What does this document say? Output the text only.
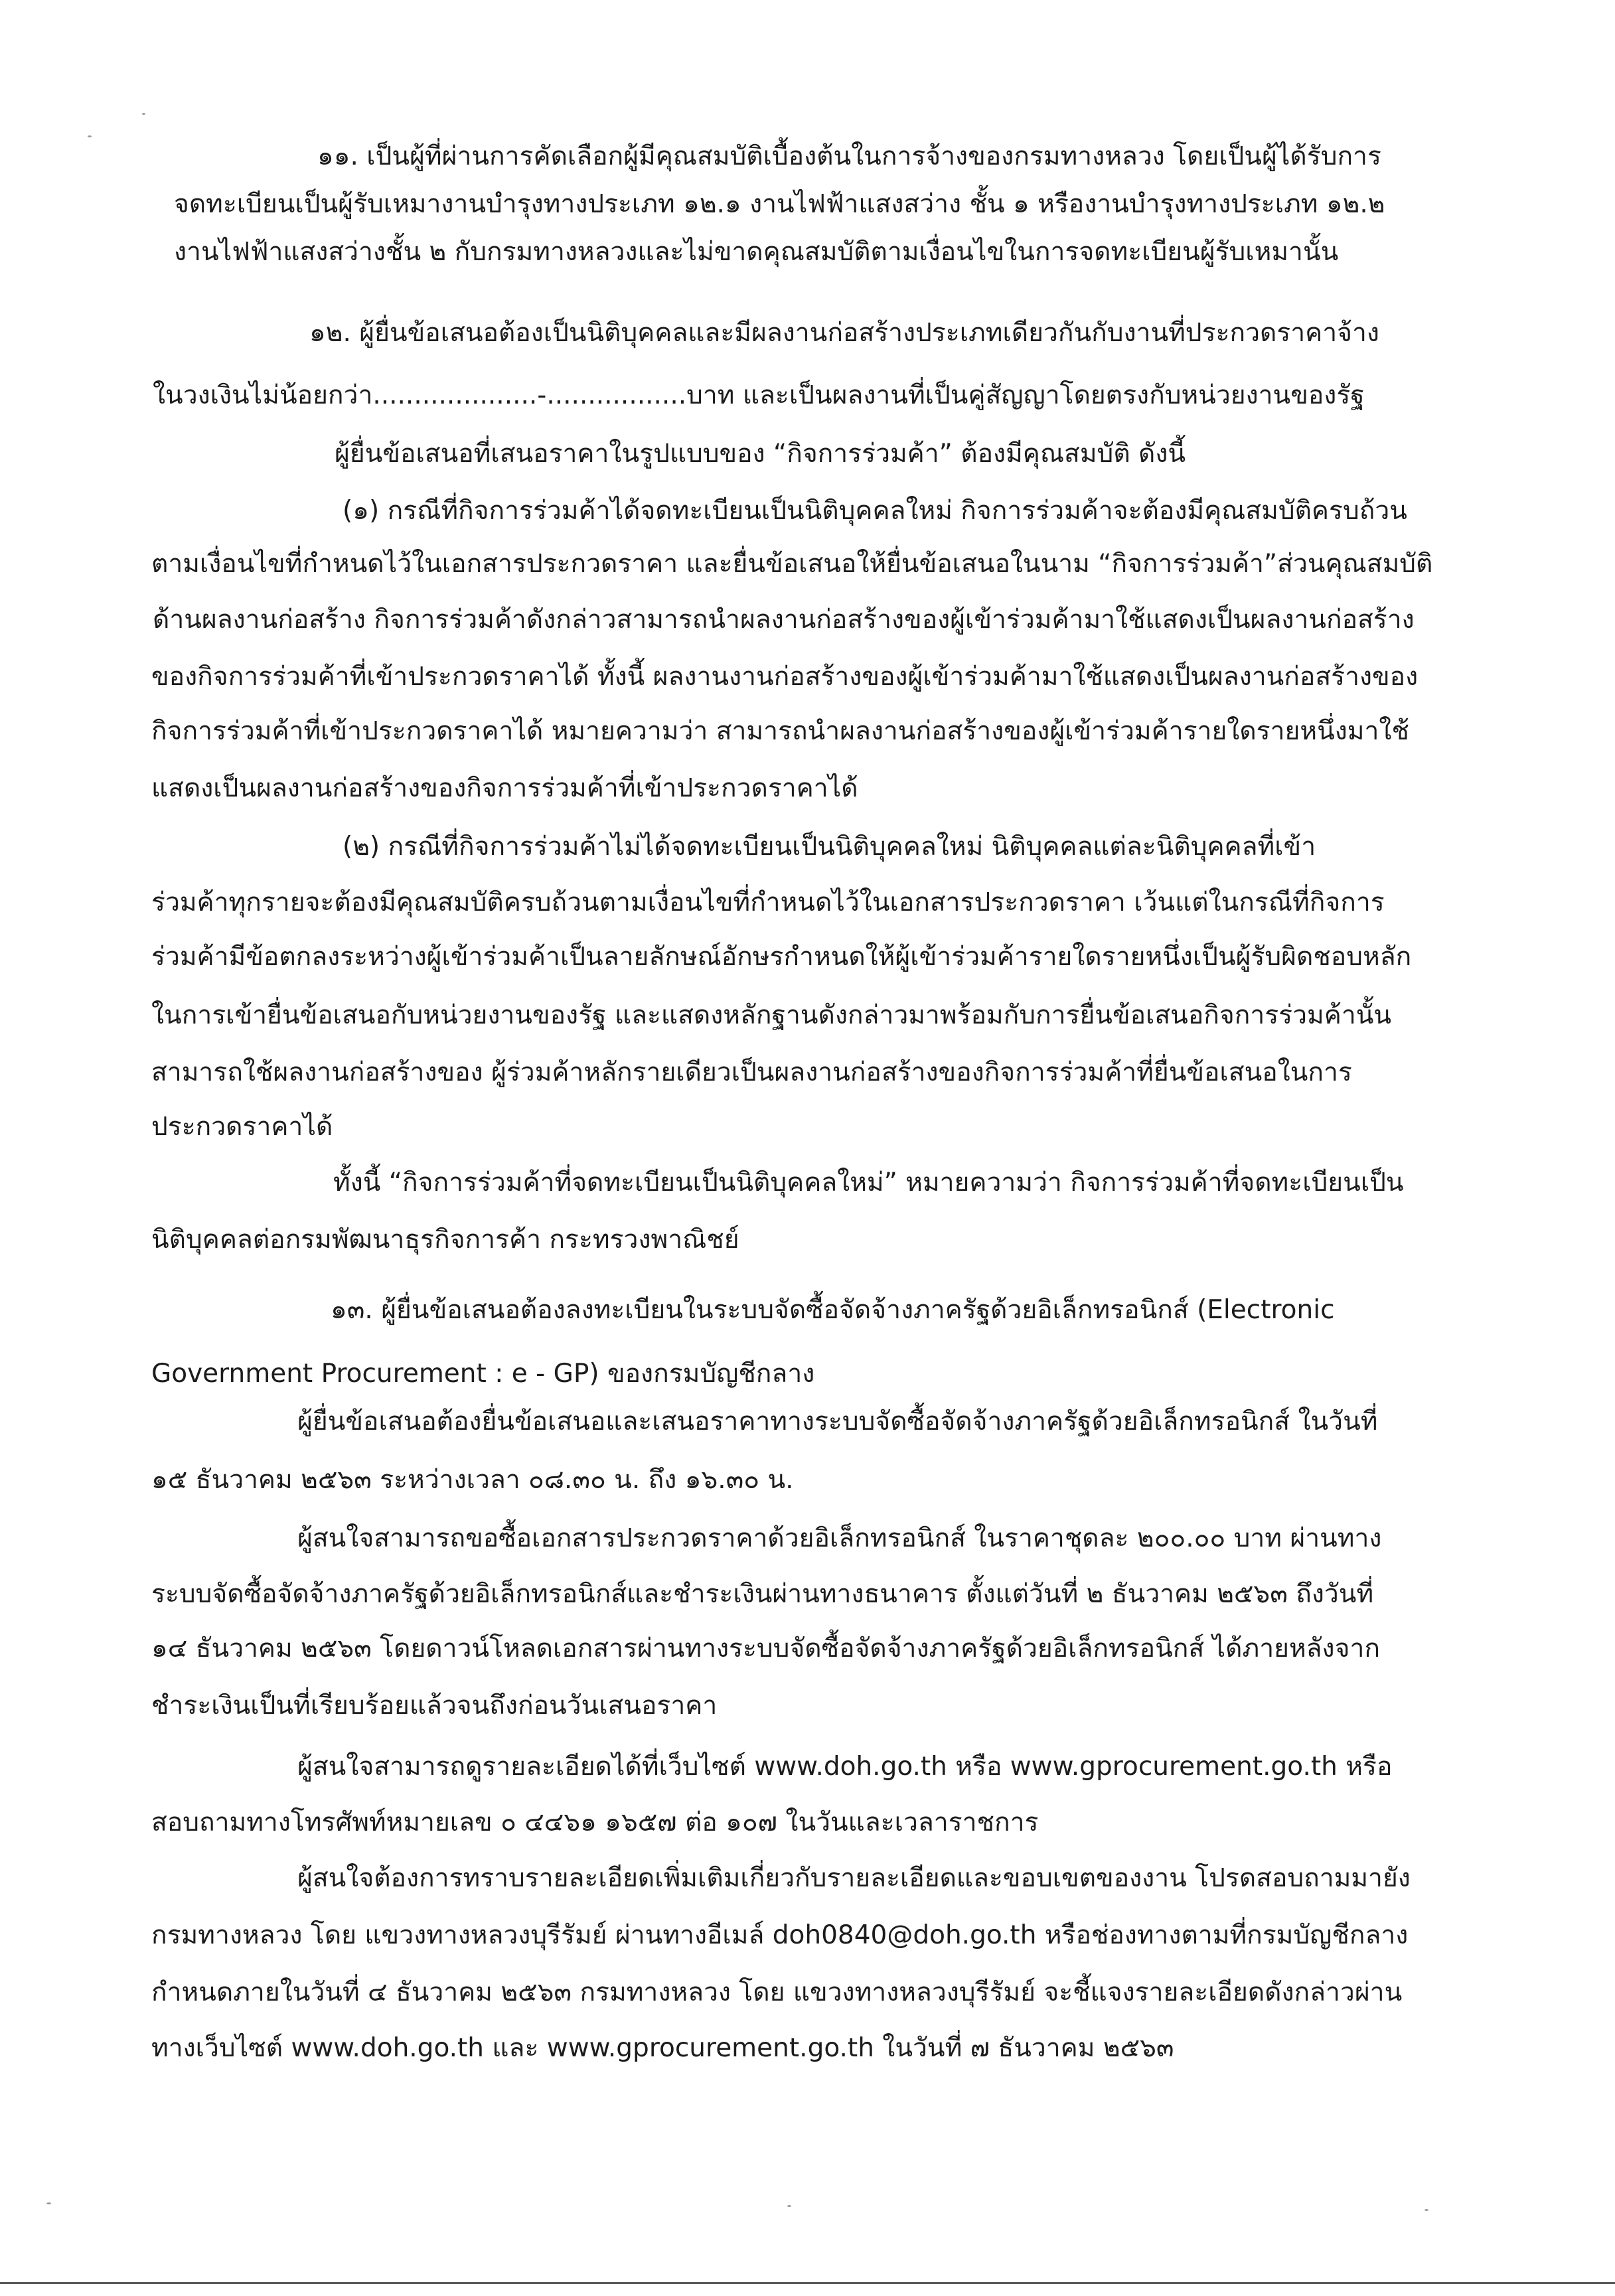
๑๑. เป็นผู้ที่ผ่านการคัดเลือกผู้มีคุณสมบัติเบื้องต้นในการจ้างของกรมทางหลวง โดยเป็นผู้ได้รับการ

จดทะเบียนเป็นผู้รับเหมางานบำรุงทางประเภท ๑๒.๑ งานไฟฟ้าแสงสว่าง ชั้น ๑ หรืองานบำรุงทางประเภท ๑๒.๒

งานไฟฟ้าแสงสว่างชั้น ๒ กับกรมทางหลวงและไม่ขาดคุณสมบัติตามเงื่อนไขในการจดทะเบียนผู้รับเหมานั้น

๑๒. ผู้ยื่นข้อเสนอต้องเป็นนิติบุคคลและมีผลงานก่อสร้างประเภทเดียวกันกับงานที่ประกวดราคาจ้าง

ในวงเงินไม่น้อยกว่า....................-.................บาท และเป็นผลงานที่เป็นคู่สัญญาโดยตรงกับหน่วยงานของรัฐ

ผู้ยื่นข้อเสนอที่เสนอราคาในรูปแบบของ “กิจการร่วมค้า” ต้องมีคุณสมบัติ ดังนี้

(๑) กรณีที่กิจการร่วมค้าได้จดทะเบียนเป็นนิติบุคคลใหม่ กิจการร่วมค้าจะต้องมีคุณสมบัติครบถ้วน

ตามเงื่อนไขที่กำหนดไว้ในเอกสารประกวดราคา และยื่นข้อเสนอให้ยื่นข้อเสนอในนาม “กิจการร่วมค้า”ส่วนคุณสมบัติ

ด้านผลงานก่อสร้าง กิจการร่วมค้าดังกล่าวสามารถนำผลงานก่อสร้างของผู้เข้าร่วมค้ามาใช้แสดงเป็นผลงานก่อสร้าง

ของกิจการร่วมค้าที่เข้าประกวดราคาได้ ทั้งนี้ ผลงานงานก่อสร้างของผู้เข้าร่วมค้ามาใช้แสดงเป็นผลงานก่อสร้างของ

กิจการร่วมค้าที่เข้าประกวดราคาได้ หมายความว่า สามารถนำผลงานก่อสร้างของผู้เข้าร่วมค้ารายใดรายหนึ่งมาใช้

แสดงเป็นผลงานก่อสร้างของกิจการร่วมค้าที่เข้าประกวดราคาได้

(๒) กรณีที่กิจการร่วมค้าไม่ได้จดทะเบียนเป็นนิติบุคคลใหม่ นิติบุคคลแต่ละนิติบุคคลที่เข้า

ร่วมค้าทุกรายจะต้องมีคุณสมบัติครบถ้วนตามเงื่อนไขที่กำหนดไว้ในเอกสารประกวดราคา เว้นแต่ในกรณีที่กิจการ

ร่วมค้ามีข้อตกลงระหว่างผู้เข้าร่วมค้าเป็นลายลักษณ์อักษรกำหนดให้ผู้เข้าร่วมค้ารายใดรายหนึ่งเป็นผู้รับผิดชอบหลัก

ในการเข้ายื่นข้อเสนอกับหน่วยงานของรัฐ และแสดงหลักฐานดังกล่าวมาพร้อมกับการยื่นข้อเสนอกิจการร่วมค้านั้น

สามารถใช้ผลงานก่อสร้างของ ผู้ร่วมค้าหลักรายเดียวเป็นผลงานก่อสร้างของกิจการร่วมค้าที่ยื่นข้อเสนอในการ

ประกวดราคาได้

ทั้งนี้ “กิจการร่วมค้าที่จดทะเบียนเป็นนิติบุคคลใหม่” หมายความว่า กิจการร่วมค้าที่จดทะเบียนเป็น

นิติบุคคลต่อกรมพัฒนาธุรกิจการค้า กระทรวงพาณิชย์

๑๓. ผู้ยื่นข้อเสนอต้องลงทะเบียนในระบบจัดซื้อจัดจ้างภาครัฐด้วยอิเล็กทรอนิกส์ (Electronic

Government Procurement : e - GP) ของกรมบัญชีกลาง

ผู้ยื่นข้อเสนอต้องยื่นข้อเสนอและเสนอราคาทางระบบจัดซื้อจัดจ้างภาครัฐด้วยอิเล็กทรอนิกส์ ในวันที่

๑๕ ธันวาคม ๒๕๖๓ ระหว่างเวลา ๐๘.๓๐ น. ถึง ๑๖.๓๐ น.

ผู้สนใจสามารถขอซื้อเอกสารประกวดราคาด้วยอิเล็กทรอนิกส์ ในราคาชุดละ ๒๐๐.๐๐ บาท ผ่านทาง

ระบบจัดซื้อจัดจ้างภาครัฐด้วยอิเล็กทรอนิกส์และชำระเงินผ่านทางธนาคาร ตั้งแต่วันที่ ๒ ธันวาคม ๒๕๖๓ ถึงวันที่

๑๔ ธันวาคม ๒๕๖๓ โดยดาวน์โหลดเอกสารผ่านทางระบบจัดซื้อจัดจ้างภาครัฐด้วยอิเล็กทรอนิกส์ ได้ภายหลังจาก

ชำระเงินเป็นที่เรียบร้อยแล้วจนถึงก่อนวันเสนอราคา

ผู้สนใจสามารถดูรายละเอียดได้ที่เว็บไซต์ www.doh.go.th หรือ www.gprocurement.go.th หรือ

สอบถามทางโทรศัพท์หมายเลข ๐ ๔๔๖๑ ๑๖๕๗ ต่อ ๑๐๗ ในวันและเวลาราชการ

ผู้สนใจต้องการทราบรายละเอียดเพิ่มเติมเกี่ยวกับรายละเอียดและขอบเขตของงาน โปรดสอบถามมายัง

กรมทางหลวง โดย แขวงทางหลวงบุรีรัมย์ ผ่านทางอีเมล์ doh0840@doh.go.th หรือช่องทางตามที่กรมบัญชีกลาง

กำหนดภายในวันที่ ๔ ธันวาคม ๒๕๖๓ กรมทางหลวง โดย แขวงทางหลวงบุรีรัมย์ จะชี้แจงรายละเอียดดังกล่าวผ่าน

ทางเว็บไซต์ www.doh.go.th และ www.gprocurement.go.th ในวันที่ ๗ ธันวาคม ๒๕๖๓
